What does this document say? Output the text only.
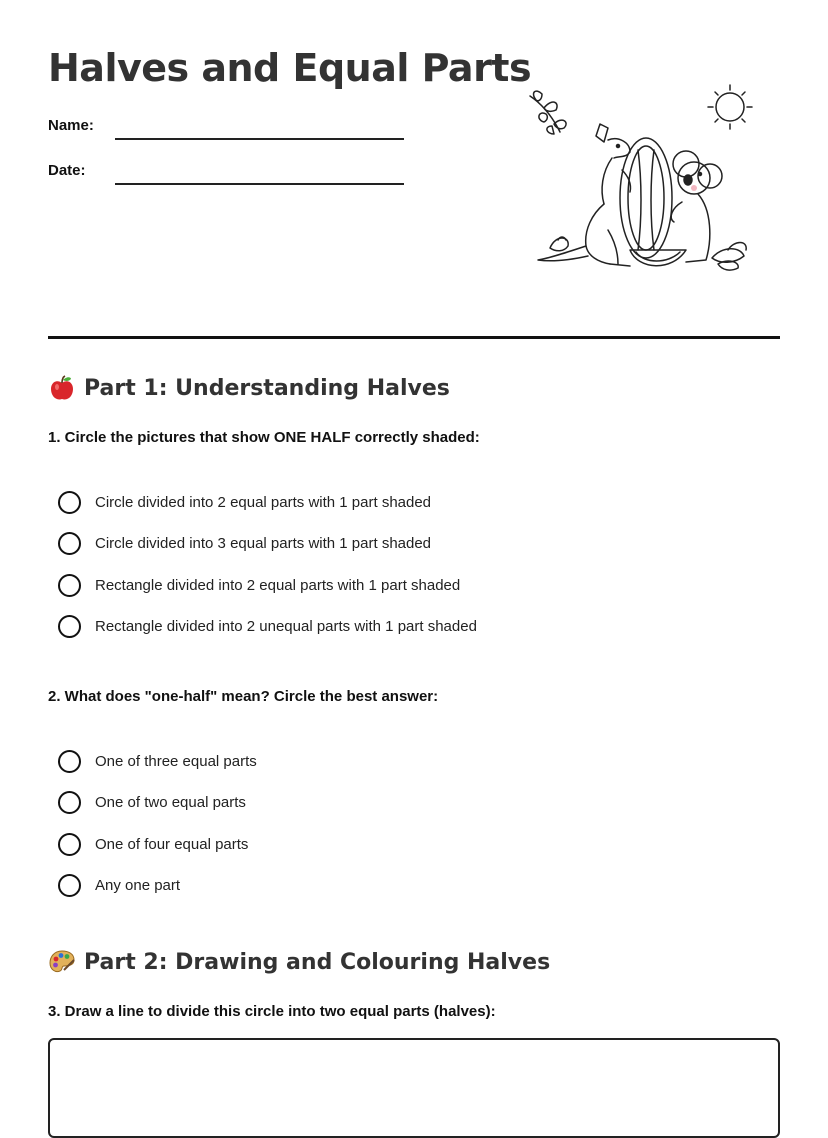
Halves and Equal Parts
Name:
Date:
Part 1: Understanding Halves
1. Circle the pictures that show ONE HALF correctly shaded:
Circle divided into 2 equal parts with 1 part shaded
Circle divided into 3 equal parts with 1 part shaded
Rectangle divided into 2 equal parts with 1 part shaded
Rectangle divided into 2 unequal parts with 1 part shaded
2. What does "one-half" mean? Circle the best answer:
One of three equal parts
One of two equal parts
One of four equal parts
Any one part
Part 2: Drawing and Colouring Halves
3. Draw a line to divide this circle into two equal parts (halves):
